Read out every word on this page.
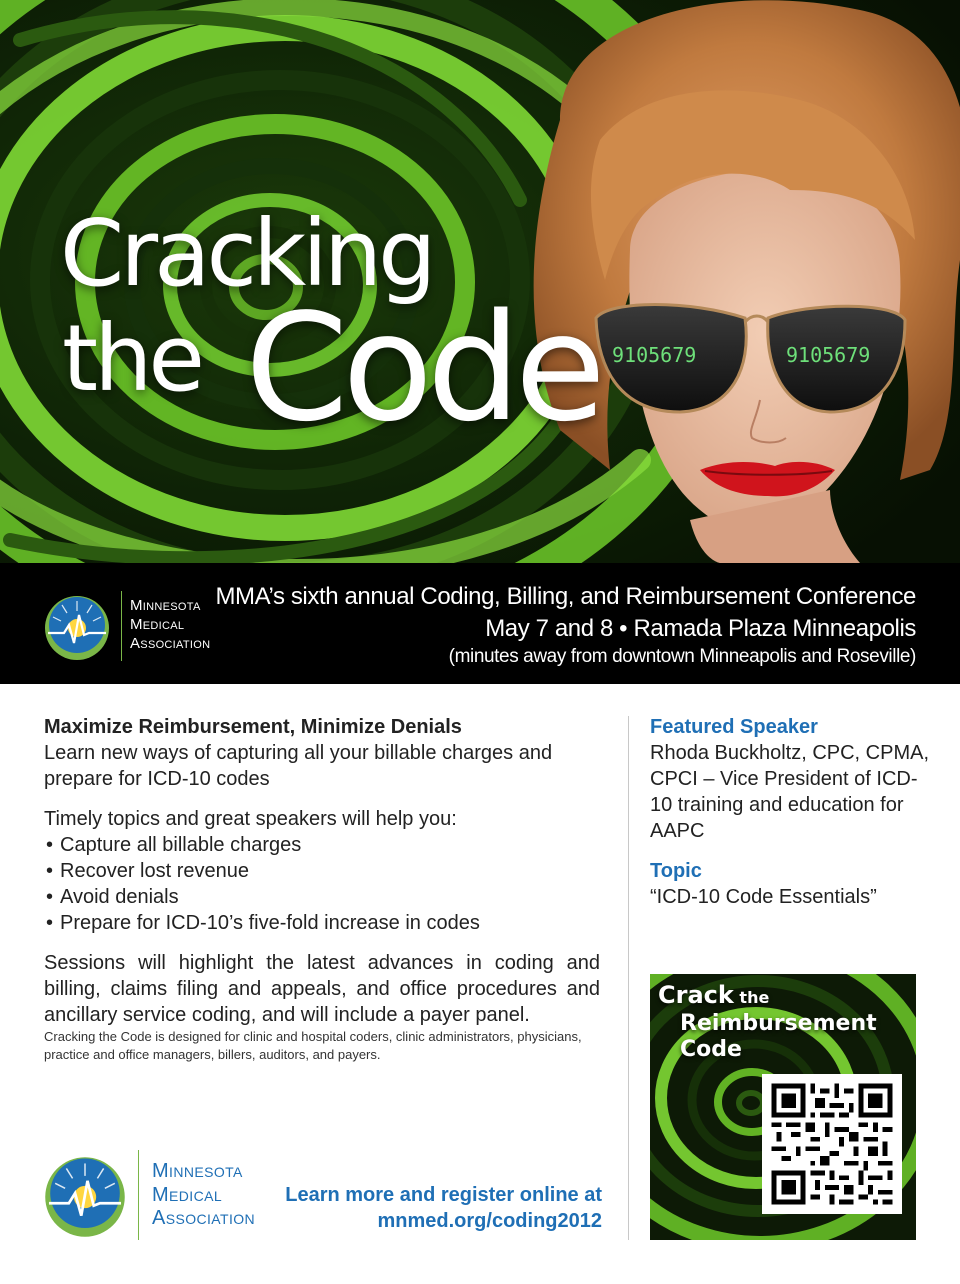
9105679	9105679
Cracking
the Code
Minnesota
Medical
Association
MMA’s sixth annual Coding, Billing, and Reimbursement Conference
May 7 and 8 • Ramada Plaza Minneapolis
(minutes away from downtown Minneapolis and Roseville)

Maximize Reimbursement, Minimize Denials

Learn new ways of capturing all your billable charges and prepare for ICD-10 codes

Timely topics and great speakers will help you:

• Capture all billable charges
• Recover lost revenue
• Avoid denials
• Prepare for ICD-10’s five-fold increase in codes

Sessions will highlight the latest advances in coding and billing, claims filing and appeals, and office procedures and ancillary service coding, and will include a payer panel.

Cracking the Code is designed for clinic and hospital coders, clinic administrators, physicians, practice and office managers, billers, auditors, and payers.

Featured Speaker

Rhoda Buckholtz, CPC, CPMA, CPCI – Vice President of ICD-10 training and education for AAPC

Topic

“ICD-10 Code Essentials”

Crack the
Reimbursement
Code
Minnesota
Medical
Association
Learn more and register online at
mnmed.org/coding2012
